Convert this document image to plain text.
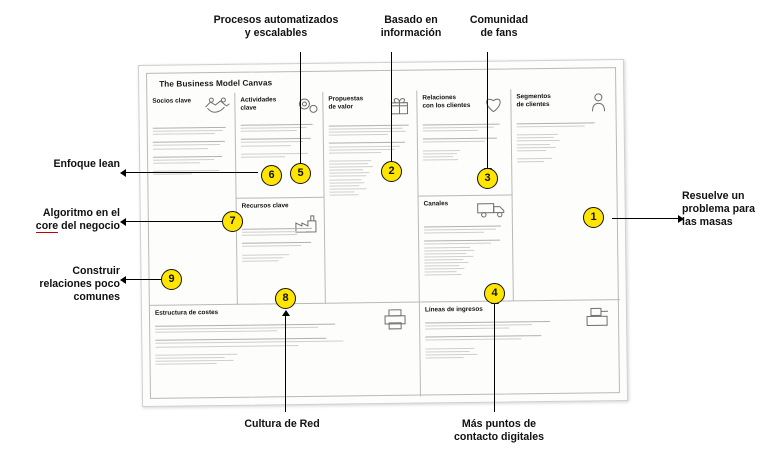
The Business Model Canvas
Socios clave	Actividades
clave
Recursos clave
Propuestas
de valor
Relaciones
con los clientes
Canales
Segmentos
de clientes
Estructura de costes	Líneas de ingresos
Procesos automatizados
y escalables
Basado en
información
Comunidad
de fans
Enfoque lean
Algoritmo en el
core del negocio
Construir
relaciones poco
comunes
Resuelve un
problema para
las masas
Cultura de Red	Más puntos de
contacto digitales
1
2
3
4
5
6
7
8
9
